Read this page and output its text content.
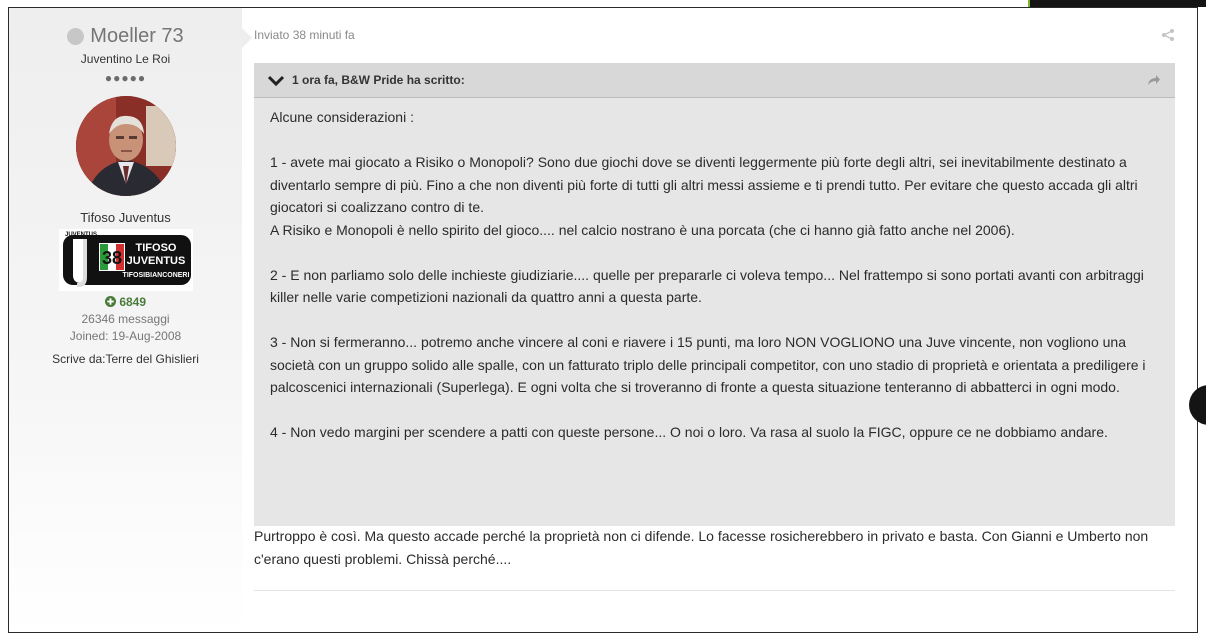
Moeller 73
Juventino Le Roi
●●●●●
Tifoso Juventus
JUVENTUS
38 TIFOSO
JUVENTUS
TIFOSIBIANCONERI
6849
26346 messaggi
Joined: 19-Aug-2008
Scrive da:Terre del Ghislieri
Inviato 38 minuti fa
1 ora fa, B&W Pride ha scritto:

Alcune considerazioni :

1 - avete mai giocato a Risiko o Monopoli? Sono due giochi dove se diventi leggermente più forte degli altri, sei inevitabilmente destinato a diventarlo sempre di più. Fino a che non diventi più forte di tutti gli altri messi assieme e ti prendi tutto. Per evitare che questo accada gli altri giocatori si coalizzano contro di te.

A Risiko e Monopoli è nello spirito del gioco.... nel calcio nostrano è una porcata (che ci hanno già fatto anche nel 2006).

2 - E non parliamo solo delle inchieste giudiziarie.... quelle per prepararle ci voleva tempo... Nel frattempo si sono portati avanti con arbitraggi killer nelle varie competizioni nazionali da quattro anni a questa parte.

3 - Non si fermeranno... potremo anche vincere al coni e riavere i 15 punti, ma loro NON VOGLIONO una Juve vincente, non vogliono una società con un gruppo solido alle spalle, con un fatturato triplo delle principali competitor, con uno stadio di proprietà e orientata a prediligere i palcoscenici internazionali (Superlega). E ogni volta che si troveranno di fronte a questa situazione tenteranno di abbatterci in ogni modo.

4 - Non vedo margini per scendere a patti con queste persone... O noi o loro. Va rasa al suolo la FIGC, oppure ce ne dobbiamo andare.

Purtroppo è così. Ma questo accade perché la proprietà non ci difende. Lo facesse rosicherebbero in privato e basta. Con Gianni e Umberto non c'erano questi problemi. Chissà perché....
